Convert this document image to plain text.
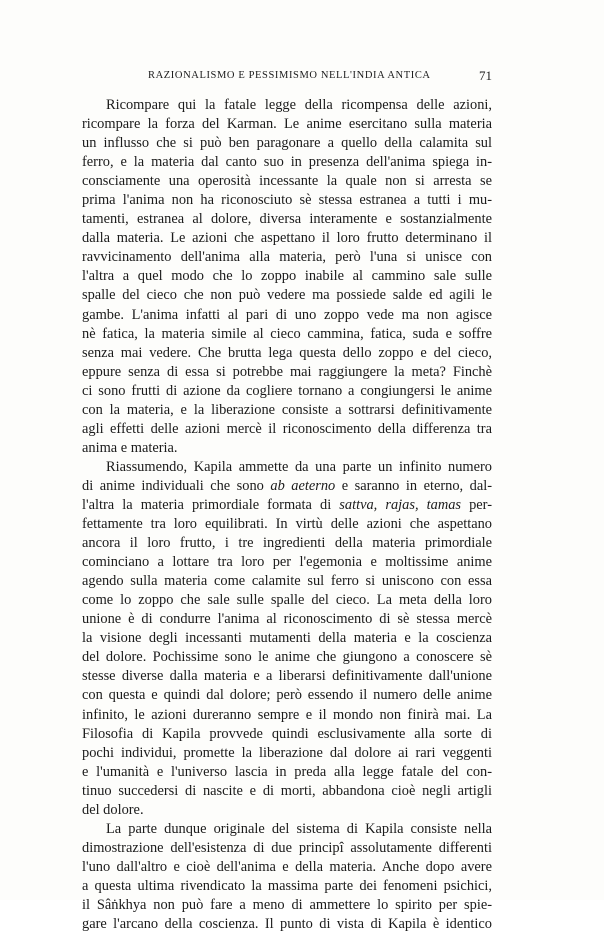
RAZIONALISMO E PESSIMISMO NELL'INDIA ANTICA	71
Ricompare qui la fatale legge della ricompensa delle azioni,
ricompare la forza del Karman. Le anime esercitano sulla materia
un influsso che si può ben paragonare a quello della calamita sul
ferro, e la materia dal canto suo in presenza dell'anima spiega in-
consciamente una operosità incessante la quale non si arresta se
prima l'anima non ha riconosciuto sè stessa estranea a tutti i mu-
tamenti, estranea al dolore, diversa interamente e sostanzialmente
dalla materia. Le azioni che aspettano il loro frutto determinano il
ravvicinamento dell'anima alla materia, però l'una si unisce con
l'altra a quel modo che lo zoppo inabile al cammino sale sulle
spalle del cieco che non può vedere ma possiede salde ed agili le
gambe. L'anima infatti al pari di uno zoppo vede ma non agisce
nè fatica, la materia simile al cieco cammina, fatica, suda e soffre
senza mai vedere. Che brutta lega questa dello zoppo e del cieco,
eppure senza di essa si potrebbe mai raggiungere la meta? Finchè
ci sono frutti di azione da cogliere tornano a congiungersi le anime
con la materia, e la liberazione consiste a sottrarsi definitivamente
agli effetti delle azioni mercè il riconoscimento della differenza tra
anima e materia.
Riassumendo, Kapila ammette da una parte un infinito numero
di anime individuali che sono ab aeterno e saranno in eterno, dal-
l'altra la materia primordiale formata di sattva, rajas, tamas per-
fettamente tra loro equilibrati. In virtù delle azioni che aspettano
ancora il loro frutto, i tre ingredienti della materia primordiale
cominciano a lottare tra loro per l'egemonia e moltissime anime
agendo sulla materia come calamite sul ferro si uniscono con essa
come lo zoppo che sale sulle spalle del cieco. La meta della loro
unione è di condurre l'anima al riconoscimento di sè stessa mercè
la visione degli incessanti mutamenti della materia e la coscienza
del dolore. Pochissime sono le anime che giungono a conoscere sè
stesse diverse dalla materia e a liberarsi definitivamente dall'unione
con questa e quindi dal dolore; però essendo il numero delle anime
infinito, le azioni dureranno sempre e il mondo non finirà mai. La
Filosofia di Kapila provvede quindi esclusivamente alla sorte di
pochi individui, promette la liberazione dal dolore ai rari veggenti
e l'umanità e l'universo lascia in preda alla legge fatale del con-
tinuo succedersi di nascite e di morti, abbandona cioè negli artigli
del dolore.
La parte dunque originale del sistema di Kapila consiste nella
dimostrazione dell'esistenza di due principî assolutamente differenti
l'uno dall'altro e cioè dell'anima e della materia. Anche dopo avere
a questa ultima rivendicato la massima parte dei fenomeni psichici,
il Sâṅkhya non può fare a meno di ammettere lo spirito per spie-
gare l'arcano della coscienza. Il punto di vista di Kapila è identico
